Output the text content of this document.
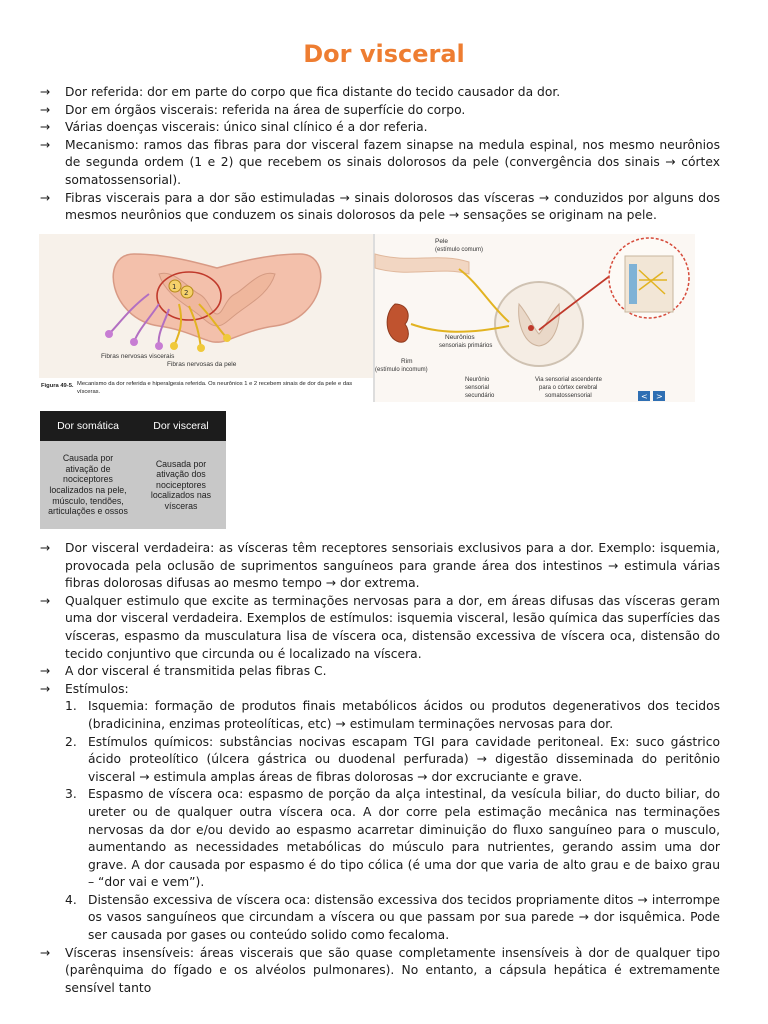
Dor visceral
→ Dor referida: dor em parte do corpo que fica distante do tecido causador da dor.
→ Dor em órgãos viscerais: referida na área de superfície do corpo.
→ Várias doenças viscerais: único sinal clínico é a dor referia.
→ Mecanismo: ramos das fibras para dor visceral fazem sinapse na medula espinal, nos mesmo neurônios de segunda ordem (1 e 2) que recebem os sinais dolorosos da pele (convergência dos sinais → córtex somatossensorial).
→ Fibras viscerais para a dor são estimuladas → sinais dolorosos das vísceras → conduzidos por alguns dos mesmos neurônios que conduzem os sinais dolorosos da pele → sensações se originam na pele.
1
2
Fibras nervosas viscerais
Fibras nervosas da pele
Figura 49-5. Mecanismo da dor referida e hiperalgesia referida. Os neurônios 1 e 2 recebem sinais de dor da pele e das vísceras.
Pele
(estímulo comum)
Neurônios
sensoriais primários
Rim
(estímulo incomum)
Neurônio
sensorial
secundário
Via sensorial ascendente
para o córtex cerebral
somatossensorial	< >
Dor somática	Dor visceral
Causada por
ativação de
nociceptores
localizados na pele,
músculo, tendões,
articulações e ossos
Causada por
ativação dos
nociceptores
localizados nas
vísceras
→ Dor visceral verdadeira: as vísceras têm receptores sensoriais exclusivos para a dor. Exemplo: isquemia, provocada pela oclusão de suprimentos sanguíneos para grande área dos intestinos → estimula várias fibras dolorosas difusas ao mesmo tempo → dor extrema.
→ Qualquer estimulo que excite as terminações nervosas para a dor, em áreas difusas das vísceras geram uma dor visceral verdadeira. Exemplos de estímulos: isquemia visceral, lesão química das superfícies das vísceras, espasmo da musculatura lisa de víscera oca, distensão excessiva de víscera oca, distensão do tecido conjuntivo que circunda ou é localizado na víscera.
→ A dor visceral é transmitida pelas fibras C.
→ Estímulos:
1. Isquemia: formação de produtos finais metabólicos ácidos ou produtos degenerativos dos tecidos (bradicinina, enzimas proteolíticas, etc) → estimulam terminações nervosas para dor.
2. Estímulos químicos: substâncias nocivas escapam TGI para cavidade peritoneal. Ex: suco gástrico ácido proteolítico (úlcera gástrica ou duodenal perfurada) → digestão disseminada do peritônio visceral → estimula amplas áreas de fibras dolorosas → dor excruciante e grave.
3. Espasmo de víscera oca: espasmo de porção da alça intestinal, da vesícula biliar, do ducto biliar, do ureter ou de qualquer outra víscera oca. A dor corre pela estimação mecânica nas terminações nervosas da dor e/ou devido ao espasmo acarretar diminuição do fluxo sanguíneo para o musculo, aumentando as necessidades metabólicas do músculo para nutrientes, gerando assim uma dor grave. A dor causada por espasmo é do tipo cólica (é uma dor que varia de alto grau e de baixo grau – “dor vai e vem”).
4. Distensão excessiva de víscera oca: distensão excessiva dos tecidos propriamente ditos → interrompe os vasos sanguíneos que circundam a víscera ou que passam por sua parede → dor isquêmica. Pode ser causada por gases ou conteúdo solido como fecaloma.
→ Vísceras insensíveis: áreas viscerais que são quase completamente insensíveis à dor de qualquer tipo (parênquima do fígado e os alvéolos pulmonares). No entanto, a cápsula hepática é extremamente sensível tanto
